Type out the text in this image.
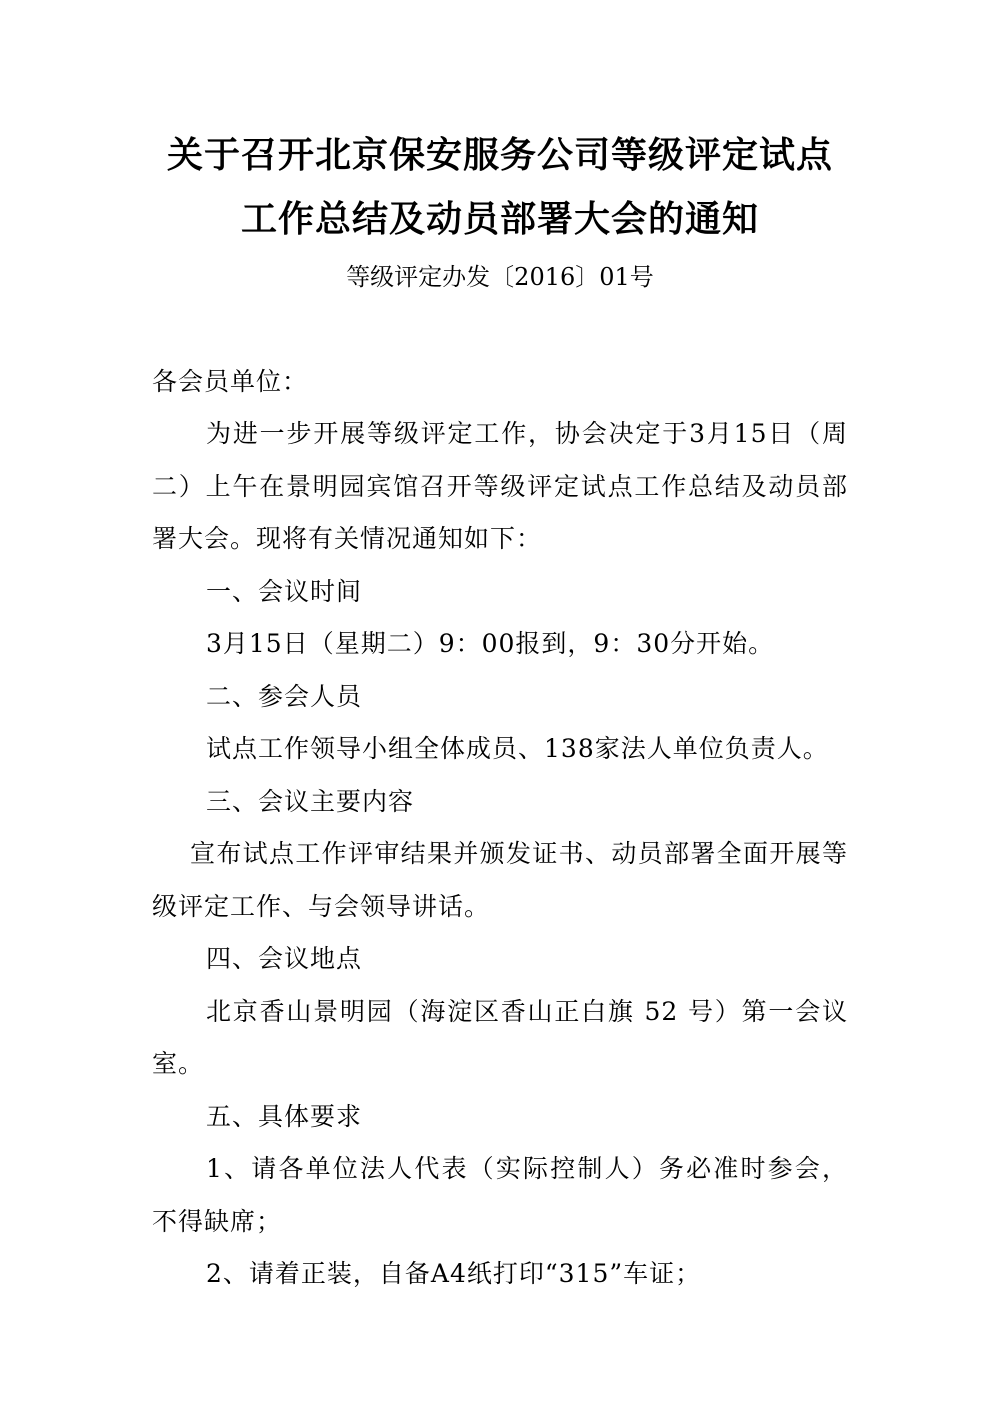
关于召开北京保安服务公司等级评定试点
工作总结及动员部署大会的通知
等级评定办发〔2016〕01号
各会员单位：
为进一步开展等级评定工作，协会决定于3月15日（周
二）上午在景明园宾馆召开等级评定试点工作总结及动员部
署大会。现将有关情况通知如下：
一、会议时间
3月15日（星期二）9：00报到，9：30分开始。
二、参会人员
试点工作领导小组全体成员、138家法人单位负责人。
三、会议主要内容
宣布试点工作评审结果并颁发证书、动员部署全面开展等
级评定工作、与会领导讲话。
四、会议地点
北京香山景明园（海淀区香山正白旗 52 号）第一会议
室。
五、具体要求
1、请各单位法人代表（实际控制人）务必准时参会，
不得缺席；
2、请着正装，自备A4纸打印“315”车证；
